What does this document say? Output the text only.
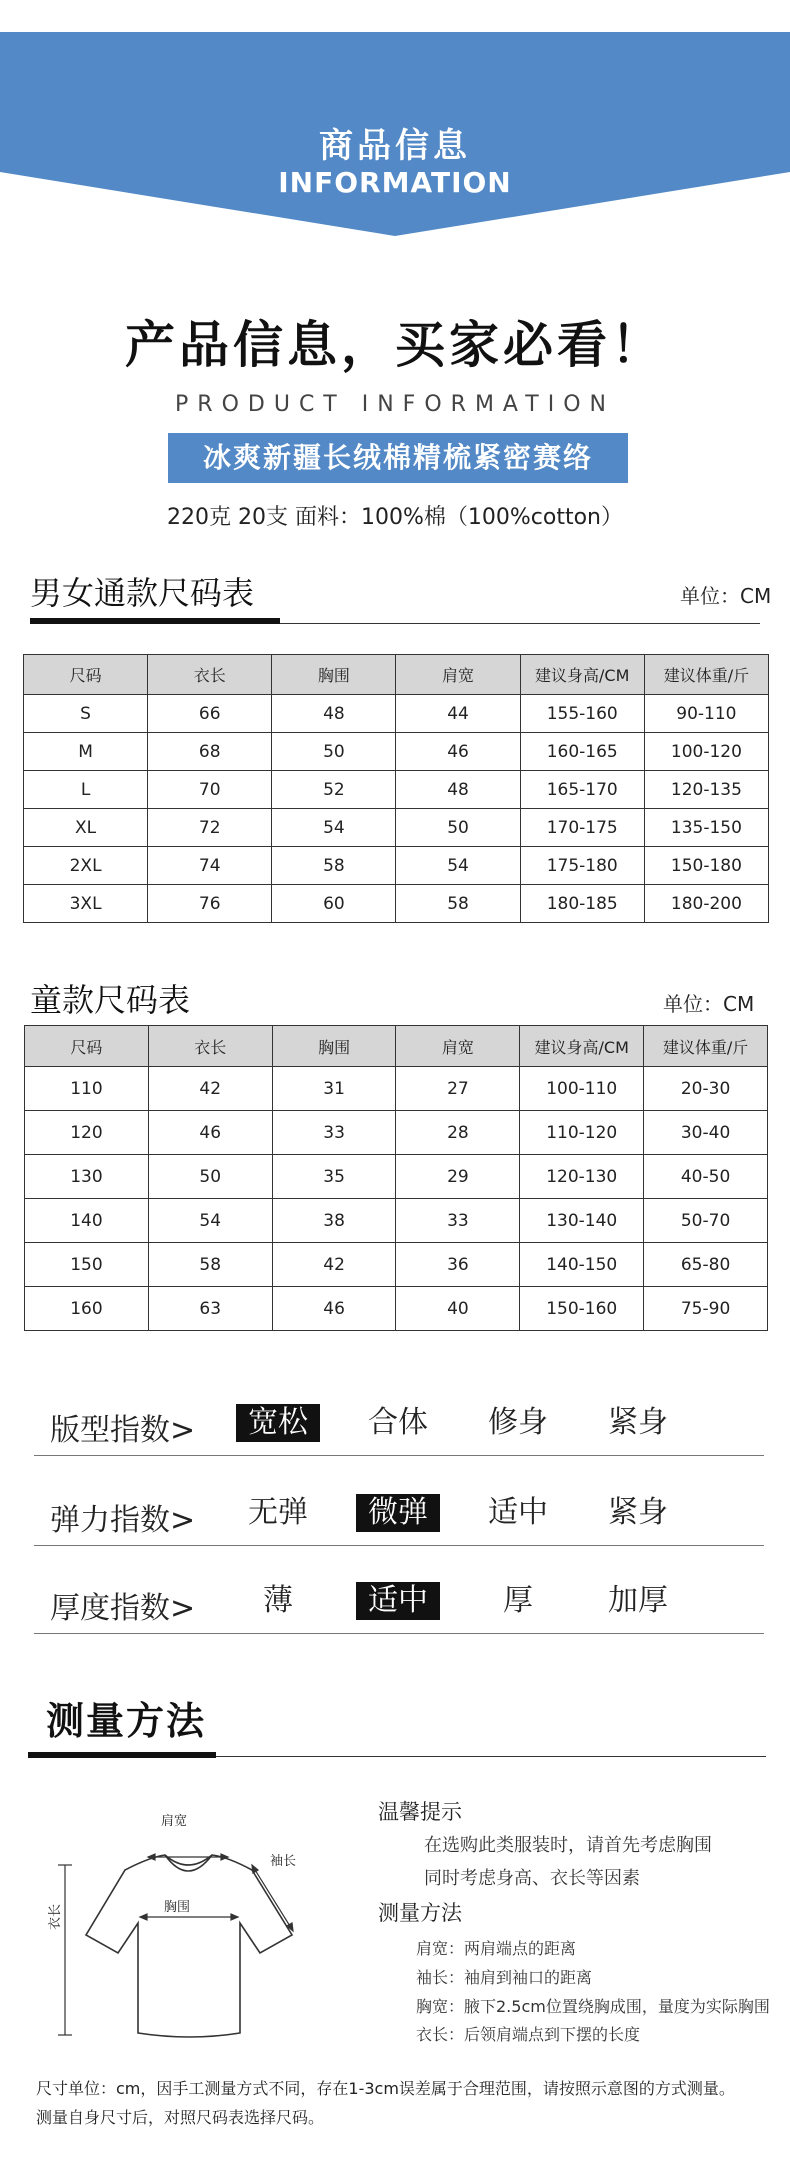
商品信息
INFORMATION
产品信息，买家必看！
PRODUCT INFORMATION
冰爽新疆长绒棉精梳紧密赛络
220克 20支 面料：100%棉（100%cotton）
男女通款尺码表	单位：CM
尺码	衣长	胸围	肩宽	建议身高/CM	建议体重/斤
S	66	48	44	155-160	90-110
M	68	50	46	160-165	100-120
L	70	52	48	165-170	120-135
XL	72	54	50	170-175	135-150
2XL	74	58	54	175-180	150-180
3XL	76	60	58	180-185	180-200
童款尺码表	单位：CM
尺码	衣长	胸围	肩宽	建议身高/CM	建议体重/斤
110	42	31	27	100-110	20-30
120	46	33	28	110-120	30-40
130	50	35	29	120-130	40-50
140	54	38	33	130-140	50-70
150	58	42	36	140-150	65-80
160	63	46	40	150-160	75-90
版型指数>	宽松	合体	修身	紧身
弹力指数>	无弹	微弹	适中	紧身
厚度指数>	薄	适中	厚	加厚
测量方法
肩宽
袖长
胸围
衣长
温馨提示
在选购此类服装时，请首先考虑胸围
同时考虑身高、衣长等因素
测量方法
肩宽：两肩端点的距离
袖长：袖肩到袖口的距离
胸宽：腋下2.5cm位置绕胸成围，量度为实际胸围
衣长：后领肩端点到下摆的长度
尺寸单位：cm，因手工测量方式不同，存在1-3cm误差属于合理范围，请按照示意图的方式测量。
测量自身尺寸后，对照尺码表选择尺码。
